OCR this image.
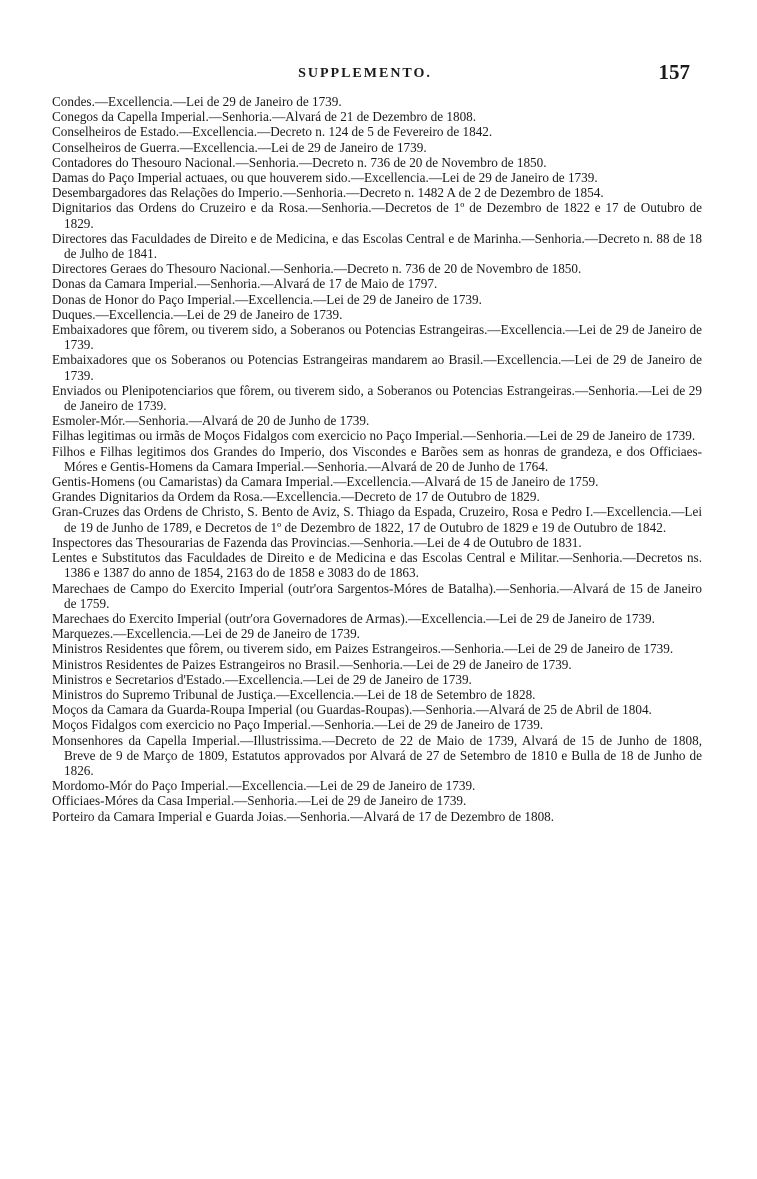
SUPPLEMENTO.	157

Condes.—Excellencia.—Lei de 29 de Janeiro de 1739.

Conegos da Capella Imperial.—Senhoria.—Alvará de 21 de Dezembro de 1808.

Conselheiros de Estado.—Excellencia.—Decreto n. 124 de 5 de Fevereiro de 1842.

Conselheiros de Guerra.—Excellencia.—Lei de 29 de Janeiro de 1739.

Contadores do Thesouro Nacional.—Senhoria.—Decreto n. 736 de 20 de Novembro de 1850.

Damas do Paço Imperial actuaes, ou que houverem sido.—Excellencia.—Lei de 29 de Janeiro de 1739.

Desembargadores das Relações do Imperio.—Senhoria.—Decreto n. 1482 A de 2 de Dezembro de 1854.

Dignitarios das Ordens do Cruzeiro e da Rosa.—Senhoria.—Decretos de 1º de Dezembro de 1822 e 17 de Outubro de 1829.

Directores das Faculdades de Direito e de Medicina, e das Escolas Central e de Marinha.—Senhoria.—Decreto n. 88 de 18 de Julho de 1841.

Directores Geraes do Thesouro Nacional.—Senhoria.—Decreto n. 736 de 20 de Novembro de 1850.

Donas da Camara Imperial.—Senhoria.—Alvará de 17 de Maio de 1797.

Donas de Honor do Paço Imperial.—Excellencia.—Lei de 29 de Janeiro de 1739.

Duques.—Excellencia.—Lei de 29 de Janeiro de 1739.

Embaixadores que fôrem, ou tiverem sido, a Soberanos ou Potencias Estrangeiras.—Excellencia.—Lei de 29 de Janeiro de 1739.

Embaixadores que os Soberanos ou Potencias Estrangeiras mandarem ao Brasil.—Excellencia.—Lei de 29 de Janeiro de 1739.

Enviados ou Plenipotenciarios que fôrem, ou tiverem sido, a Soberanos ou Potencias Estrangeiras.—Senhoria.—Lei de 29 de Janeiro de 1739.

Esmoler-Mór.—Senhoria.—Alvará de 20 de Junho de 1739.

Filhas legitimas ou irmãs de Moços Fidalgos com exercicio no Paço Imperial.—Senhoria.—Lei de 29 de Janeiro de 1739.

Filhos e Filhas legitimos dos Grandes do Imperio, dos Viscondes e Barões sem as honras de grandeza, e dos Officiaes-Móres e Gentis-Homens da Camara Imperial.—Senhoria.—Alvará de 20 de Junho de 1764.

Gentis-Homens (ou Camaristas) da Camara Imperial.—Excellencia.—Alvará de 15 de Janeiro de 1759.

Grandes Dignitarios da Ordem da Rosa.—Excellencia.—Decreto de 17 de Outubro de 1829.

Gran-Cruzes das Ordens de Christo, S. Bento de Aviz, S. Thiago da Espada, Cruzeiro, Rosa e Pedro I.—Excellencia.—Lei de 19 de Junho de 1789, e Decretos de 1º de Dezembro de 1822, 17 de Outubro de 1829 e 19 de Outubro de 1842.

Inspectores das Thesourarias de Fazenda das Provincias.—Senhoria.—Lei de 4 de Outubro de 1831.

Lentes e Substitutos das Faculdades de Direito e de Medicina e das Escolas Central e Militar.—Senhoria.—Decretos ns. 1386 e 1387 do anno de 1854, 2163 do de 1858 e 3083 do de 1863.

Marechaes de Campo do Exercito Imperial (outr'ora Sargentos-Móres de Batalha).—Senhoria.—Alvará de 15 de Janeiro de 1759.

Marechaes do Exercito Imperial (outr'ora Governadores de Armas).—Excellencia.—Lei de 29 de Janeiro de 1739.

Marquezes.—Excellencia.—Lei de 29 de Janeiro de 1739.

Ministros Residentes que fôrem, ou tiverem sido, em Paizes Estrangeiros.—Senhoria.—Lei de 29 de Janeiro de 1739.

Ministros Residentes de Paizes Estrangeiros no Brasil.—Senhoria.—Lei de 29 de Janeiro de 1739.

Ministros e Secretarios d'Estado.—Excellencia.—Lei de 29 de Janeiro de 1739.

Ministros do Supremo Tribunal de Justiça.—Excellencia.—Lei de 18 de Setembro de 1828.

Moços da Camara da Guarda-Roupa Imperial (ou Guardas-Roupas).—Senhoria.—Alvará de 25 de Abril de 1804.

Moços Fidalgos com exercicio no Paço Imperial.—Senhoria.—Lei de 29 de Janeiro de 1739.

Monsenhores da Capella Imperial.—Illustrissima.—Decreto de 22 de Maio de 1739, Alvará de 15 de Junho de 1808, Breve de 9 de Março de 1809, Estatutos approvados por Alvará de 27 de Setembro de 1810 e Bulla de 18 de Junho de 1826.

Mordomo-Mór do Paço Imperial.—Excellencia.—Lei de 29 de Janeiro de 1739.

Officiaes-Móres da Casa Imperial.—Senhoria.—Lei de 29 de Janeiro de 1739.

Porteiro da Camara Imperial e Guarda Joias.—Senhoria.—Alvará de 17 de Dezembro de 1808.
